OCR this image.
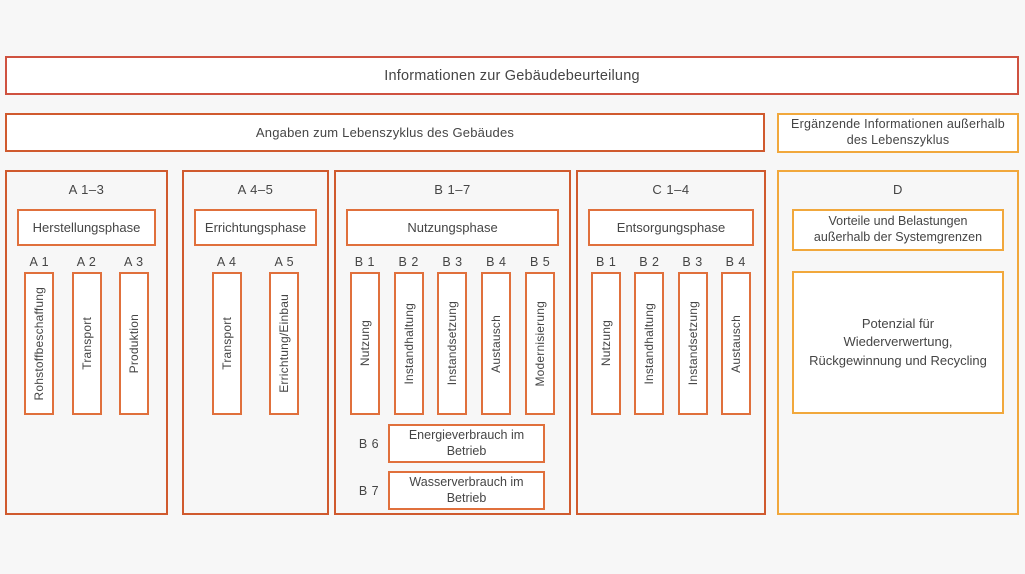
Informationen zur Gebäudebeurteilung
Angaben zum Lebenszyklus des Gebäudes
Ergänzende Informationen außerhalb des Lebenszyklus
A 1–3
Herstellungsphase
A 1
Rohstoffbeschaffung
A 2
Transport
A 3
Produktion
A 4–5
Errichtungsphase
A 4
Transport
A 5
Errichtung/Einbau
B 1–7
Nutzungsphase
B 1
Nutzung
B 2
Instandhaltung
B 3
Instandsetzung
B 4
Austausch
B 5
Modernisierung
B 6
Energieverbrauch im Betrieb
B 7
Wasserverbrauch im Betrieb
C 1–4
Entsorgungsphase
B 1
Nutzung
B 2
Instandhaltung
B 3
Instandsetzung
B 4
Austausch
D
Vorteile und Belastungen außerhalb der Systemgrenzen
Potenzial für Wiederverwertung, Rückgewinnung und Recycling
